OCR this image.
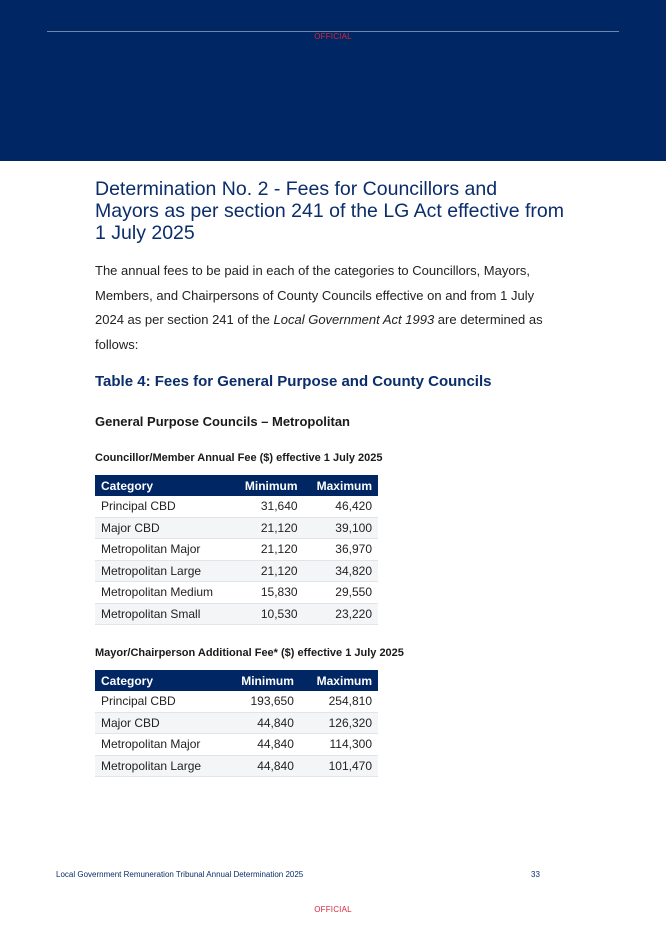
OFFICIAL
Determination No. 2 - Fees for Councillors and Mayors as per section 241 of the LG Act effective from 1 July 2025

The annual fees to be paid in each of the categories to Councillors, Mayors, Members, and Chairpersons of County Councils effective on and from 1 July 2024 as per section 241 of the Local Government Act 1993 are determined as follows:

Table 4: Fees for General Purpose and County Councils
General Purpose Councils – Metropolitan

Councillor/Member Annual Fee ($) effective 1 July 2025

Category	Minimum	Maximum
Principal CBD	31,640	46,420
Major CBD	21,120	39,100
Metropolitan Major	21,120	36,970
Metropolitan Large	21,120	34,820
Metropolitan Medium	15,830	29,550
Metropolitan Small	10,530	23,220

Mayor/Chairperson Additional Fee* ($) effective 1 July 2025

Category	Minimum	Maximum
Principal CBD	193,650	254,810
Major CBD	44,840	126,320
Metropolitan Major	44,840	114,300
Metropolitan Large	44,840	101,470
Local Government Remuneration Tribunal Annual Determination 2025	33
OFFICIAL
